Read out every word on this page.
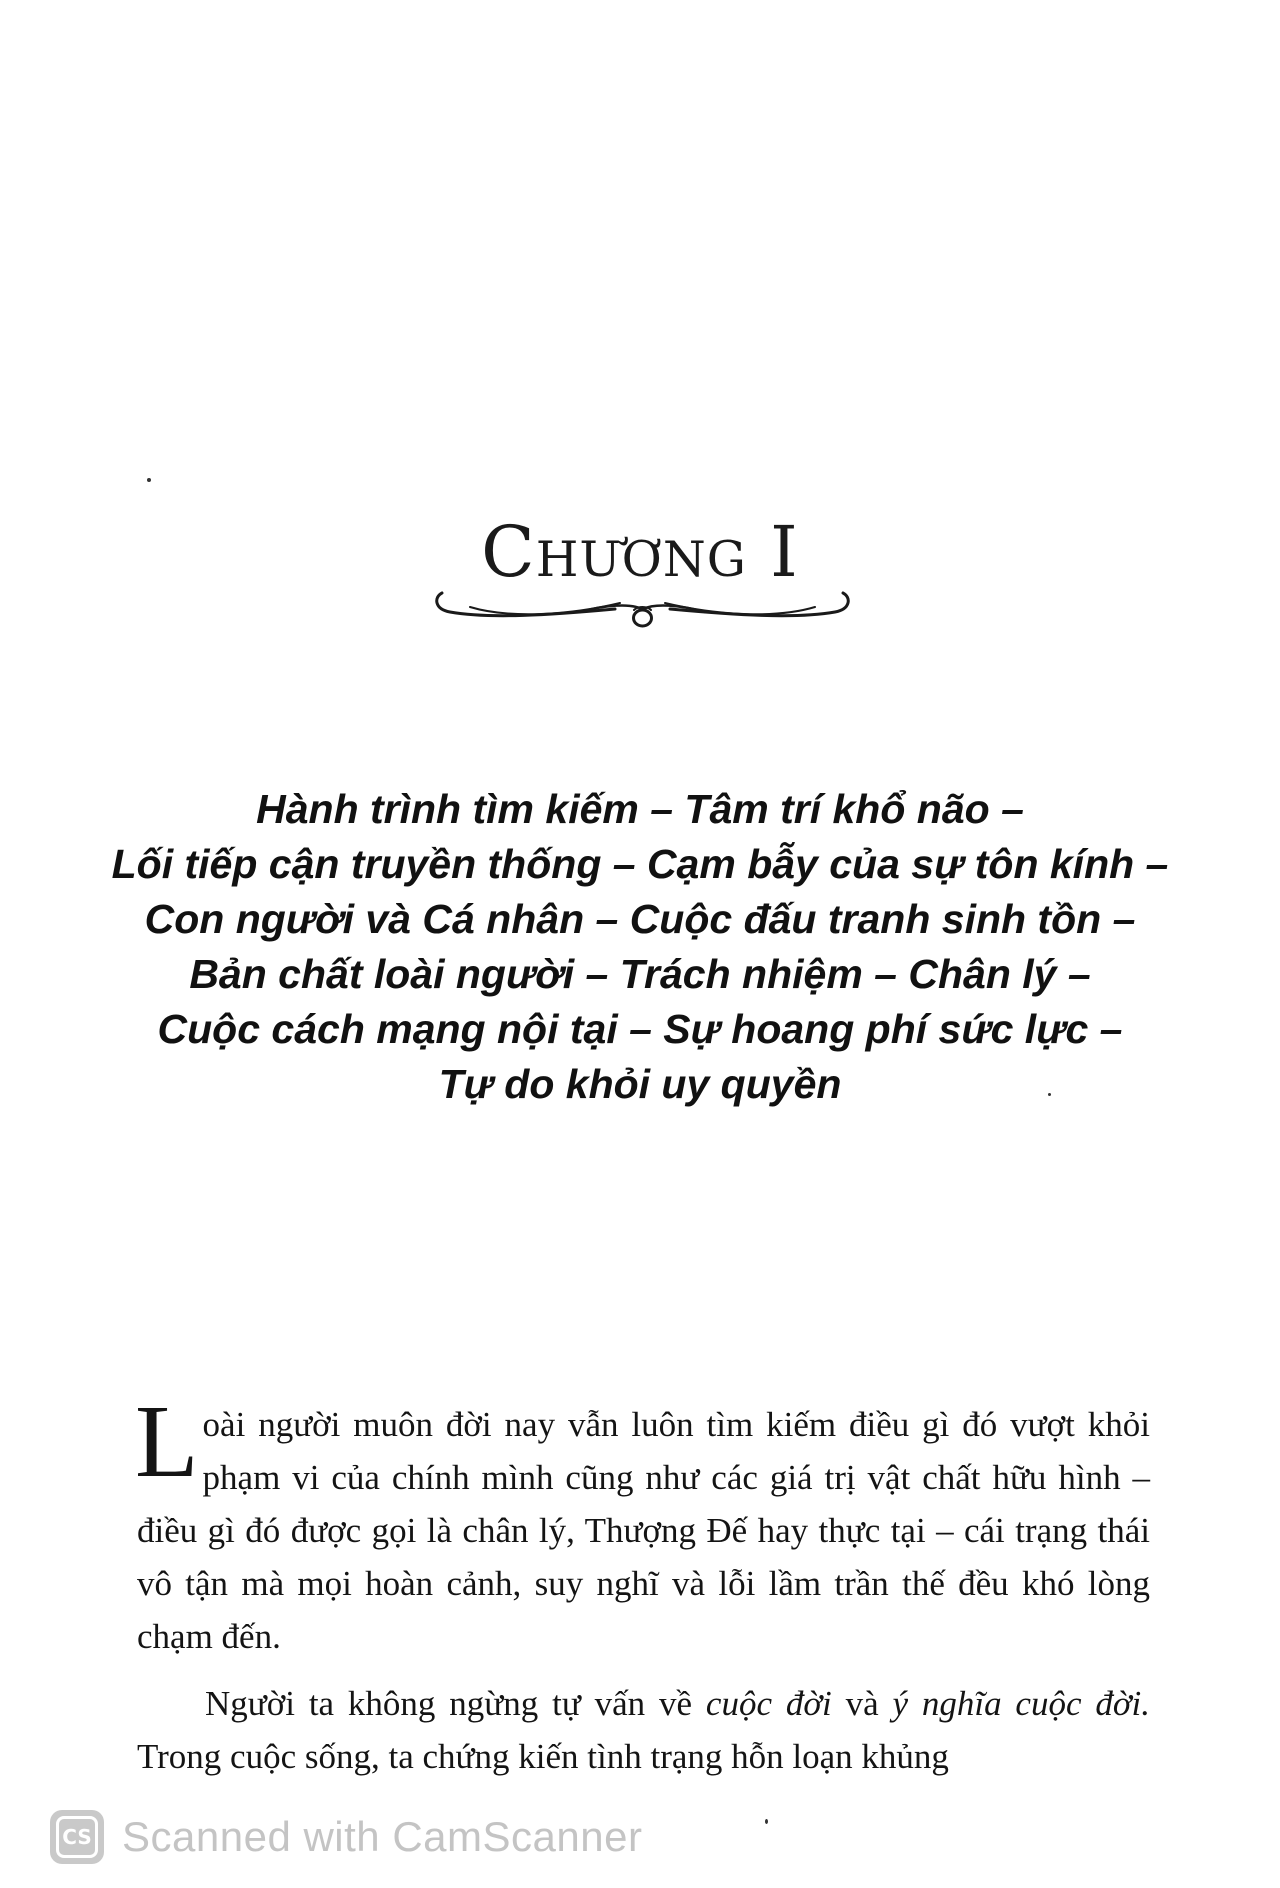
Chương I
Hành trình tìm kiếm – Tâm trí khổ não –
Lối tiếp cận truyền thống – Cạm bẫy của sự tôn kính –
Con người và Cá nhân – Cuộc đấu tranh sinh tồn –
Bản chất loài người – Trách nhiệm – Chân lý –
Cuộc cách mạng nội tại – Sự hoang phí sức lực –
Tự do khỏi uy quyền

Loài người muôn đời nay vẫn luôn tìm kiếm điều gì đó vượt khỏi phạm vi của chính mình cũng như các giá trị vật chất hữu hình – điều gì đó được gọi là chân lý, Thượng Đế hay thực tại – cái trạng thái vô tận mà mọi hoàn cảnh, suy nghĩ và lỗi lầm trần thế đều khó lòng chạm đến.

Người ta không ngừng tự vấn về cuộc đời và ý nghĩa cuộc đời. Trong cuộc sống, ta chứng kiến tình trạng hỗn loạn khủng

CS Scanned with CamScanner
